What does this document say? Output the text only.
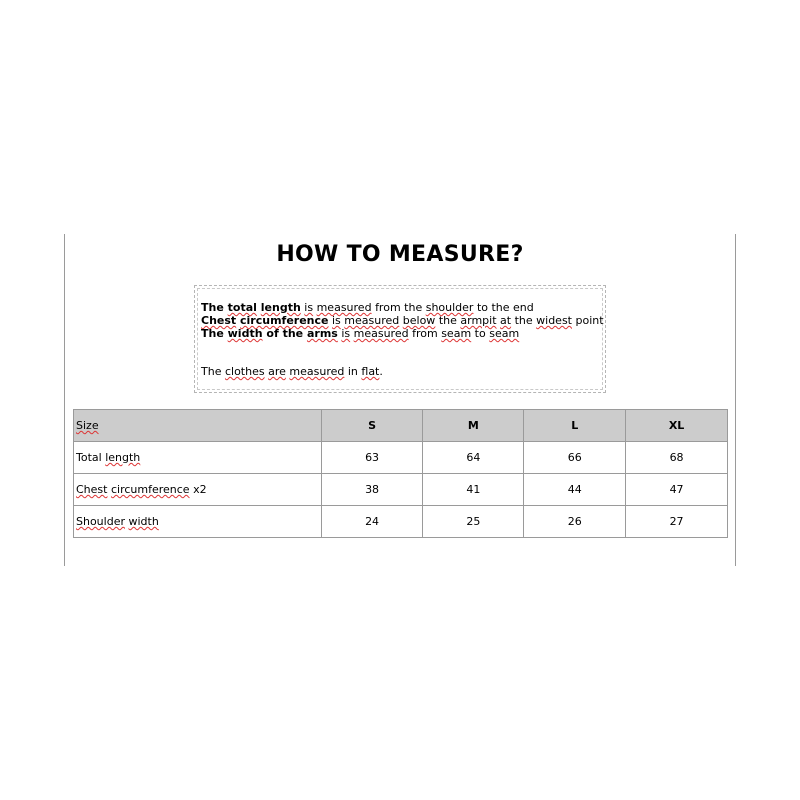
HOW TO MEASURE?
The total length is measured from the shoulder to the end
Chest circumference is measured below the armpit at the widest point
The width of the arms is measured from seam to seam
The clothes are measured in flat.
Size	S	M	L	XL
Total length	63	64	66	68
Chest circumference x2	38	41	44	47
Shoulder width	24	25	26	27
